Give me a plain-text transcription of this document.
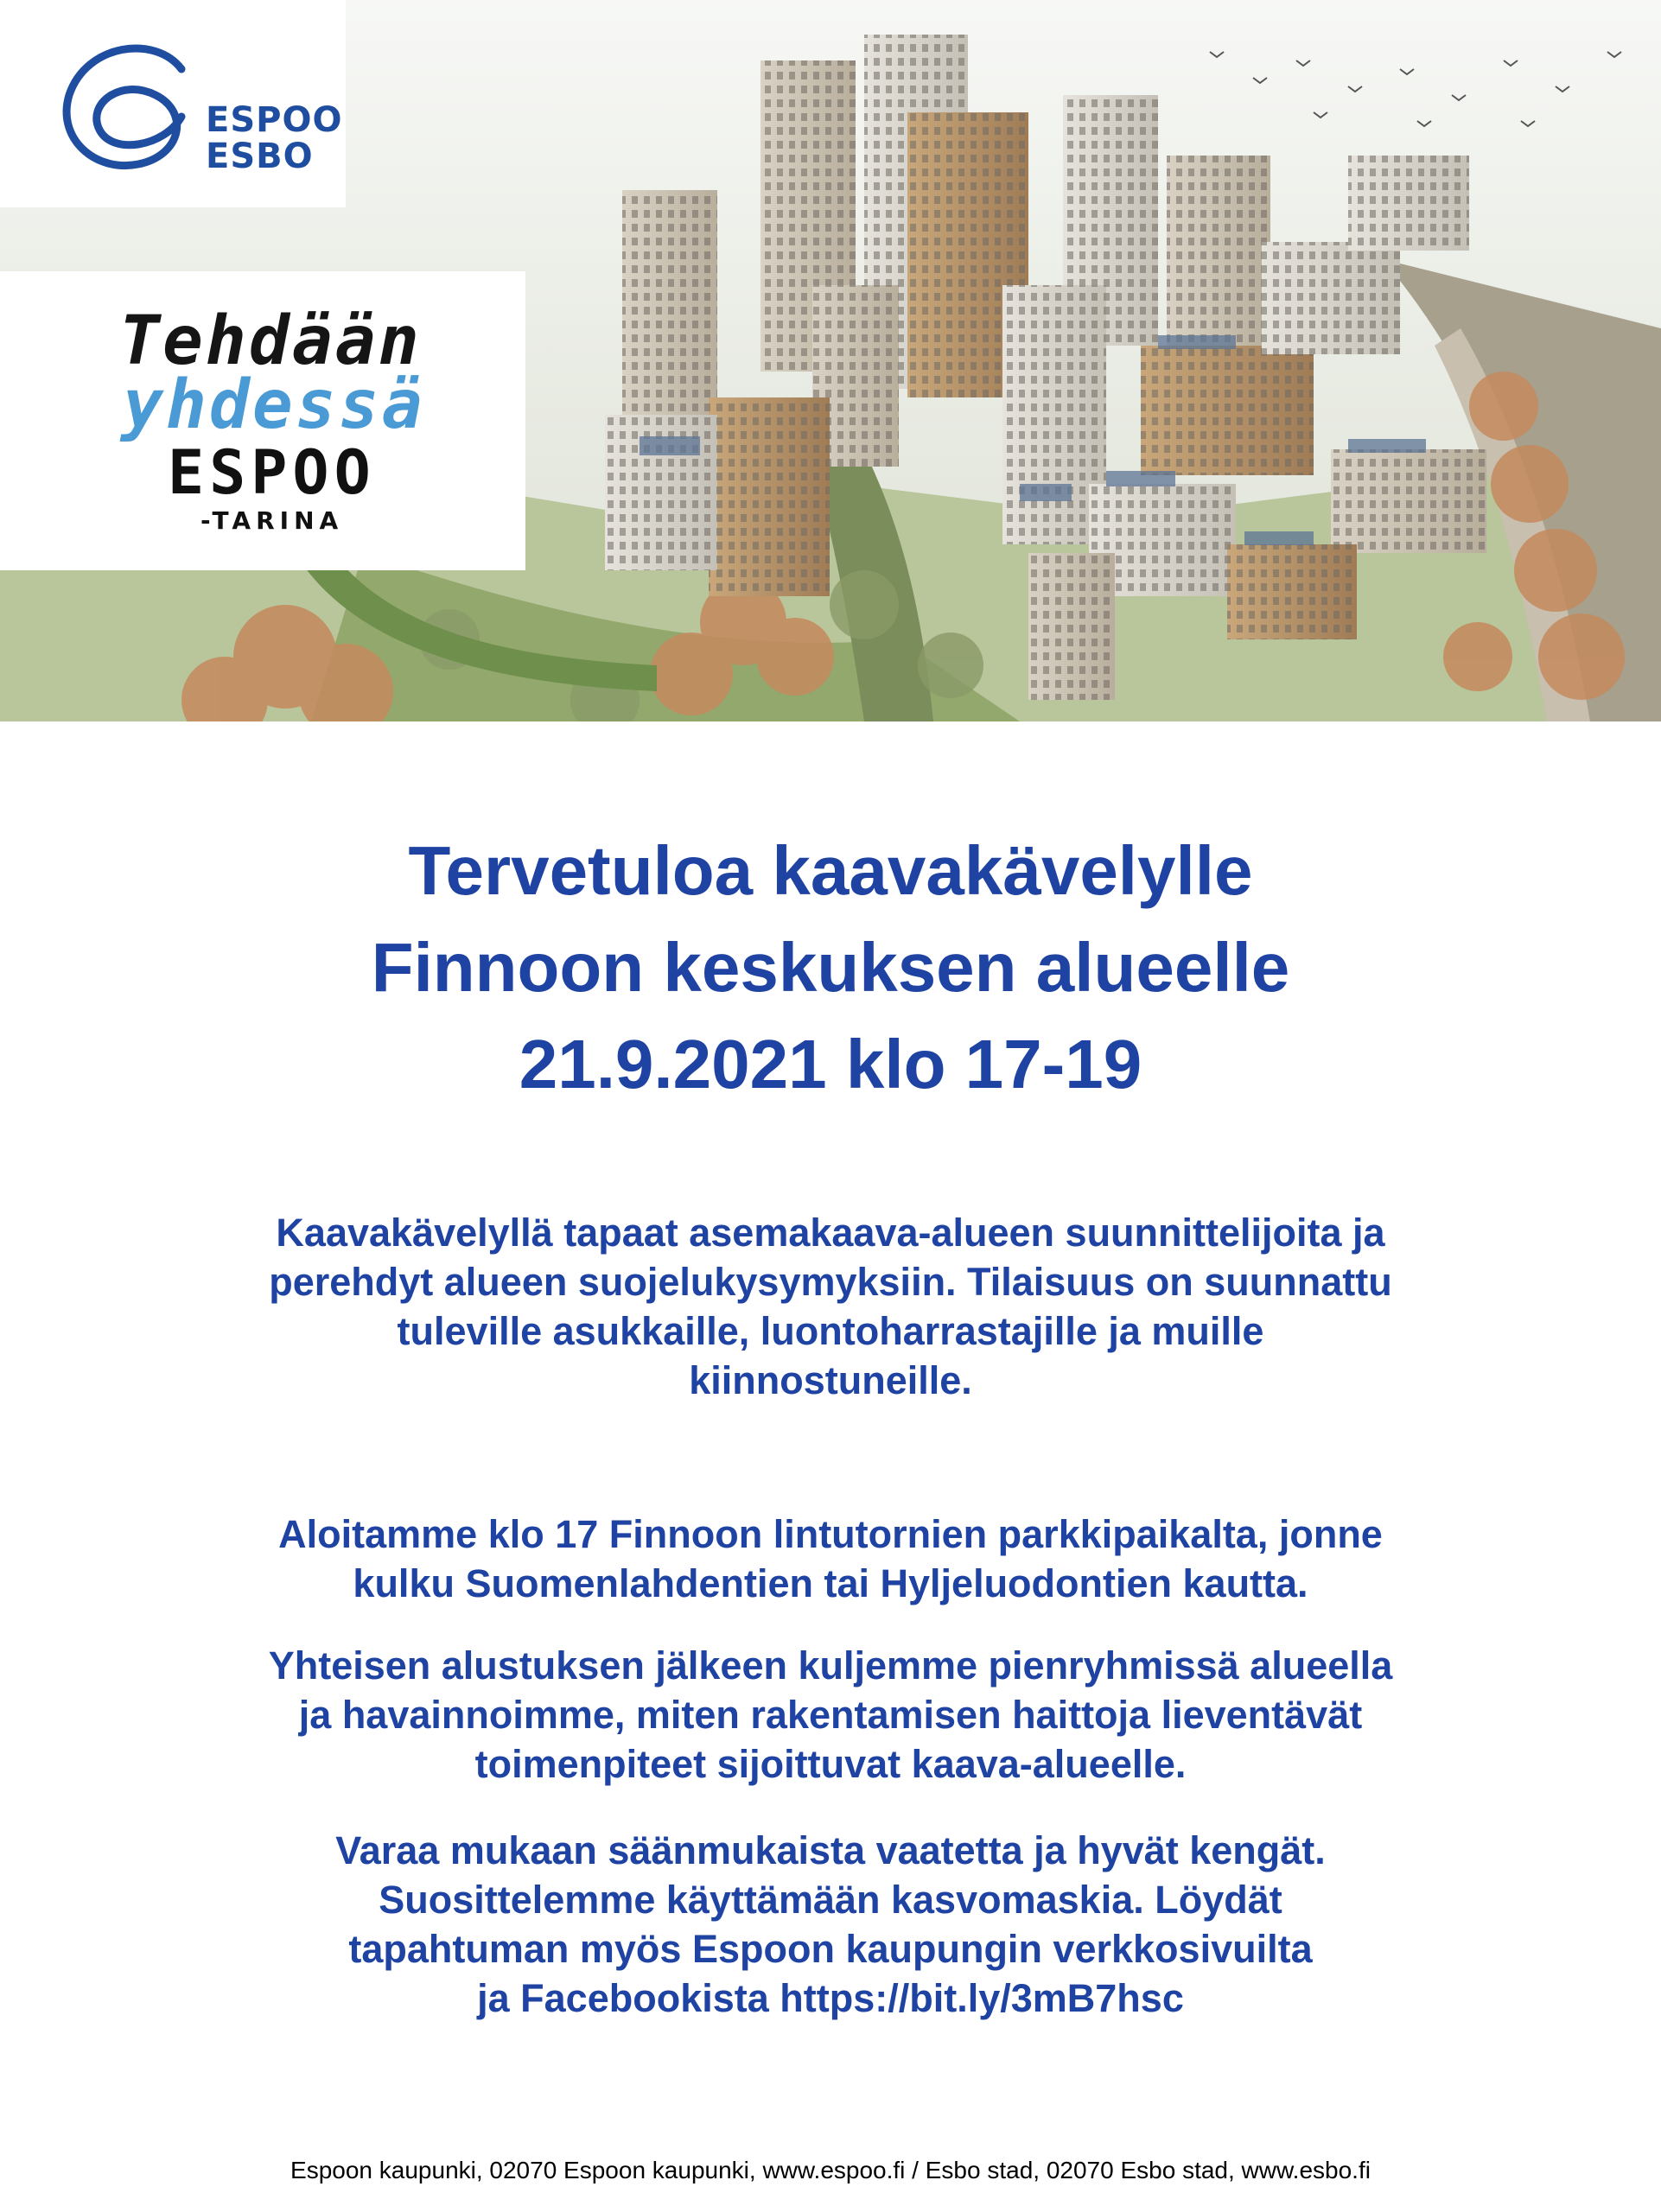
ESPOO
ESBO
Tehdään
yhdessä
ESPOO
-TARINA
Tervetuloa kaavakävelylle
Finnoon keskuksen alueelle
21.9.2021 klo 17-19
Kaavakävelyllä tapaat asemakaava-alueen suunnittelijoita ja
perehdyt alueen suojelukysymyksiin. Tilaisuus on suunnattu
tuleville asukkaille, luontoharrastajille ja muille
kiinnostuneille.
Aloitamme klo 17 Finnoon lintutornien parkkipaikalta, jonne
kulku Suomenlahdentien tai Hyljeluodontien kautta.
Yhteisen alustuksen jälkeen kuljemme pienryhmissä alueella
ja havainnoimme, miten rakentamisen haittoja lieventävät
toimenpiteet sijoittuvat kaava-alueelle.
Varaa mukaan säänmukaista vaatetta ja hyvät kengät.
Suosittelemme käyttämään kasvomaskia. Löydät
tapahtuman myös Espoon kaupungin verkkosivuilta
ja Facebookista https://bit.ly/3mB7hsc
Espoon kaupunki, 02070 Espoon kaupunki, www.espoo.fi / Esbo stad, 02070 Esbo stad, www.esbo.fi
